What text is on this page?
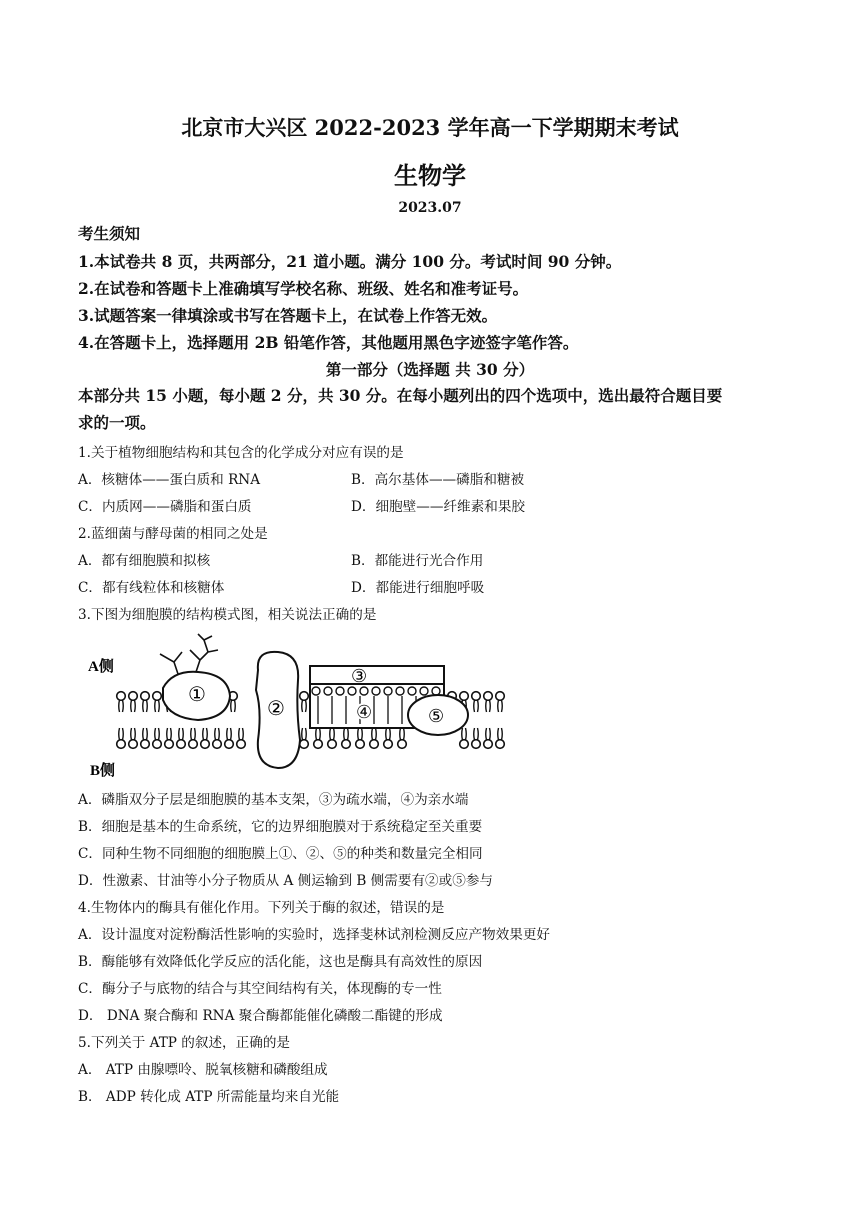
北京市大兴区 2022-2023 学年高一下学期期末考试
生物学
2023.07
考生须知
1.本试卷共 8 页，共两部分，21 道小题。满分 100 分。考试时间 90 分钟。
2.在试卷和答题卡上准确填写学校名称、班级、姓名和准考证号。
3.试题答案一律填涂或书写在答题卡上，在试卷上作答无效。
4.在答题卡上，选择题用 2B 铅笔作答，其他题用黑色字迹签字笔作答。
第一部分（选择题 共 30 分）
本部分共 15 小题，每小题 2 分，共 30 分。在每小题列出的四个选项中，选出最符合题目要
求的一项。
1.关于植物细胞结构和其包含的化学成分对应有误的是
A．核糖体——蛋白质和 RNA	B．高尔基体——磷脂和糖被
C．内质网——磷脂和蛋白质	D．细胞壁——纤维素和果胶
2.蓝细菌与酵母菌的相同之处是
A．都有细胞膜和拟核	B．都能进行光合作用
C．都有线粒体和核糖体	D．都能进行细胞呼吸
3.下图为细胞膜的结构模式图，相关说法正确的是
A侧
B侧
①
②
③
④	⑤
A．磷脂双分子层是细胞膜的基本支架，③为疏水端，④为亲水端
B．细胞是基本的生命系统，它的边界细胞膜对于系统稳定至关重要
C．同种生物不同细胞的细胞膜上①、②、⑤的种类和数量完全相同
D．性激素、甘油等小分子物质从 A 侧运输到 B 侧需要有②或⑤参与
4.生物体内的酶具有催化作用。下列关于酶的叙述，错误的是
A．设计温度对淀粉酶活性影响的实验时，选择斐林试剂检测反应产物效果更好
B．酶能够有效降低化学反应的活化能，这也是酶具有高效性的原因
C．酶分子与底物的结合与其空间结构有关，体现酶的专一性
D． DNA 聚合酶和 RNA 聚合酶都能催化磷酸二酯键的形成
5.下列关于 ATP 的叙述，正确的是
A． ATP 由腺嘌呤、脱氧核糖和磷酸组成
B． ADP 转化成 ATP 所需能量均来自光能
